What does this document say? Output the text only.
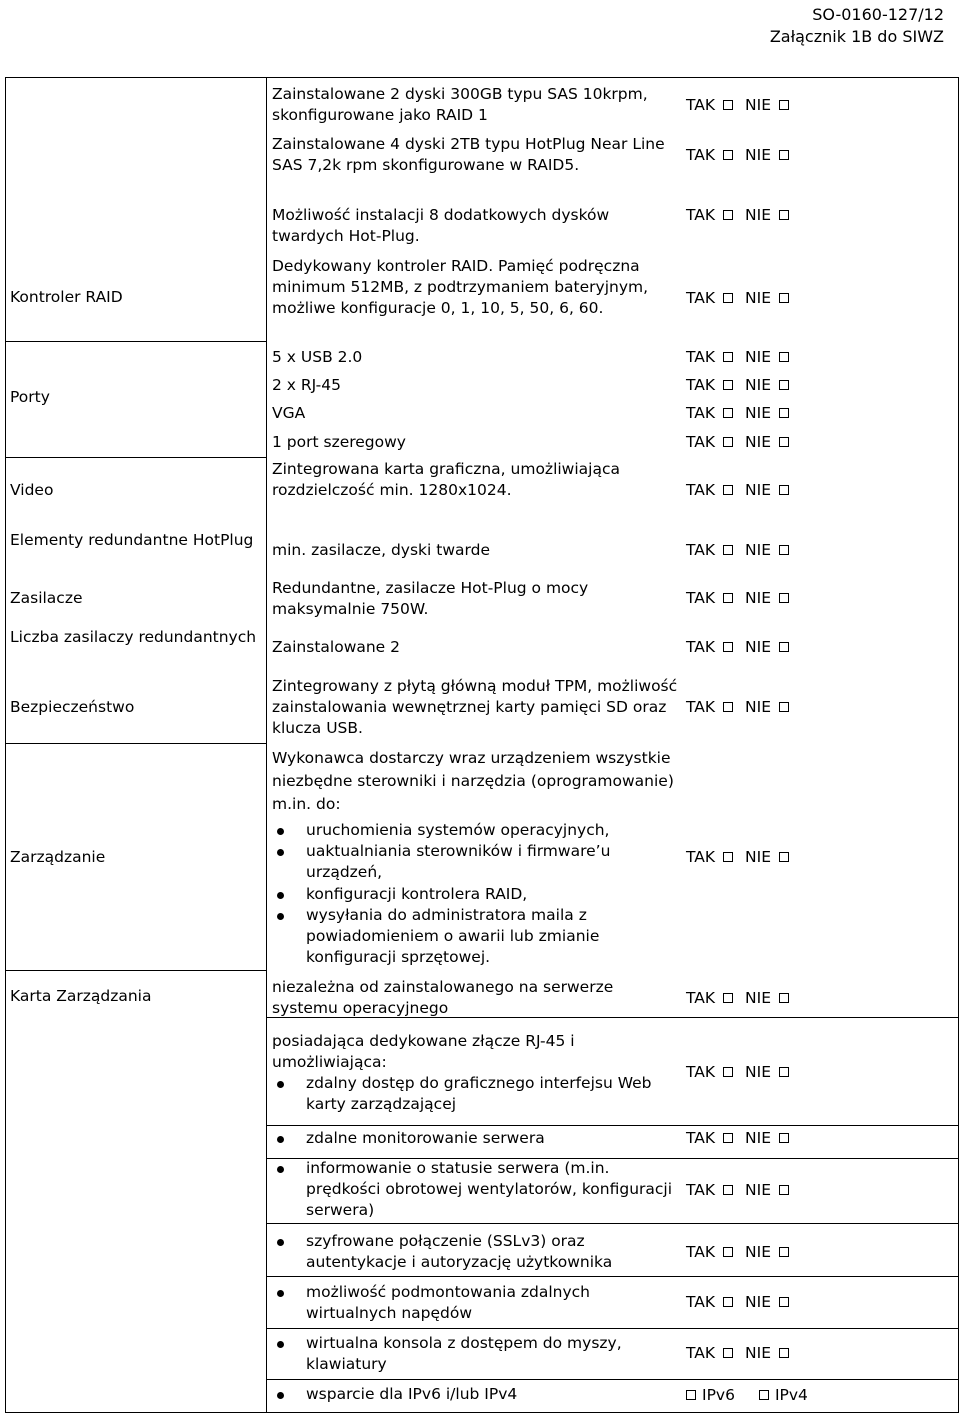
SO-0160-127/12
Załącznik 1B do SIWZ
Kontroler RAID
Porty
Video
Elementy redundantne HotPlug
Zasilacze
Liczba zasilaczy redundantnych
Bezpieczeństwo
Zarządzanie
Karta Zarządzania
Zainstalowane 2 dyski 300GB typu SAS 10krpm, skonfigurowane jako RAID 1
Zainstalowane 4 dyski 2TB typu HotPlug Near Line SAS 7,2k rpm skonfigurowane w RAID5.
Możliwość instalacji 8 dodatkowych dysków twardych Hot-Plug.
Dedykowany kontroler RAID. Pamięć podręczna minimum 512MB, z podtrzymaniem bateryjnym, możliwe konfiguracje 0, 1, 10, 5, 50, 6, 60.
5 x USB 2.0
2 x RJ-45
VGA
1 port szeregowy
Zintegrowana karta graficzna, umożliwiająca rozdzielczość min. 1280x1024.
min. zasilacze, dyski twarde
Redundantne, zasilacze Hot-Plug o mocy maksymalnie 750W.
Zainstalowane 2
Zintegrowany z płytą główną moduł TPM, możliwość zainstalowania wewnętrznej karty pamięci SD oraz klucza USB.
Wykonawca dostarczy wraz urządzeniem wszystkie niezbędne sterowniki i narzędzia (oprogramowanie) m.in. do:
uruchomienia systemów operacyjnych,
uaktualniania sterowników i firmware’u urządzeń,
konfiguracji kontrolera RAID,
wysyłania do administratora maila z powiadomieniem o awarii lub zmianie konfiguracji sprzętowej.
niezależna od zainstalowanego na serwerze systemu operacyjnego
posiadająca dedykowane złącze RJ-45 i umożliwiająca:
zdalny dostęp do graficznego interfejsu Web karty zarządzającej
zdalne monitorowanie serwera
informowanie o statusie serwera (m.in. prędkości obrotowej wentylatorów, konfiguracji serwera)
szyfrowane połączenie (SSLv3) oraz autentykacje i autoryzację użytkownika
możliwość podmontowania zdalnych wirtualnych napędów
wirtualna konsola z dostępem do myszy, klawiatury
wsparcie dla IPv6 i/lub IPv4
TAK NIE
TAK NIE
TAK NIE
TAK NIE
TAK NIE
TAK NIE
TAK NIE
TAK NIE
TAK NIE
TAK NIE
TAK NIE
TAK NIE
TAK NIE
TAK NIE
TAK NIE
TAK NIE
TAK NIE
TAK NIE
TAK NIE
TAK NIE
TAK NIE
IPv6	IPv4
